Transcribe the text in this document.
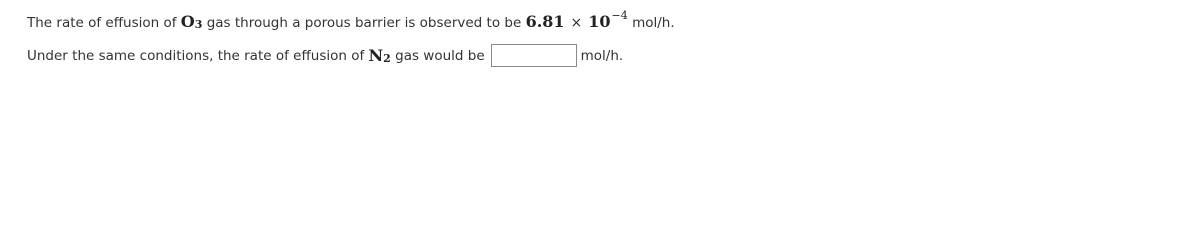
The rate of effusion of $O_3$ gas through a porous barrier is observed to be 6.81 × 10 −4 mol/h.
Under the same conditions, the rate of effusion of $N_2$ gas would be	mol/h.
